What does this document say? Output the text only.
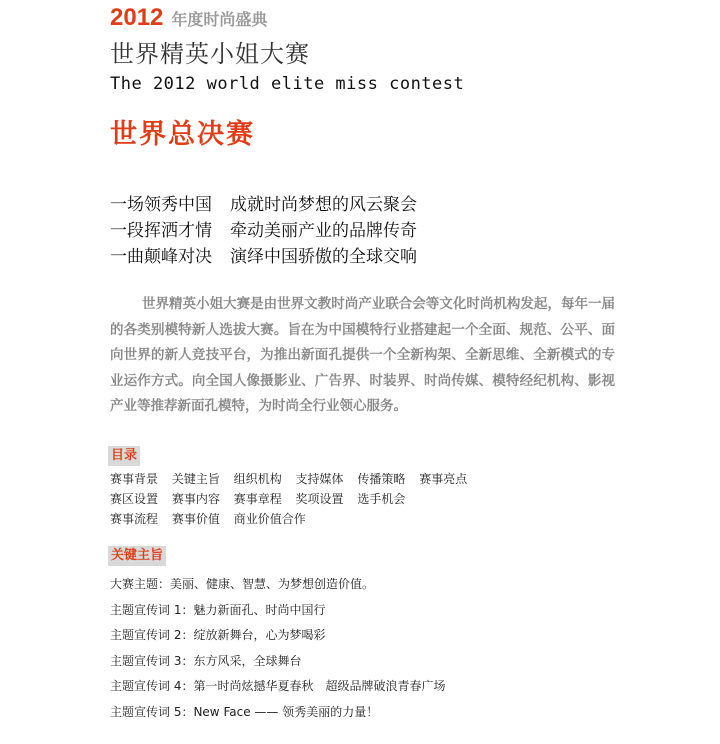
2012 年度时尚盛典
世界精英小姐大赛
The 2012 world elite miss contest
世界总决赛
一场领秀中国 成就时尚梦想的风云聚会
一段挥洒才情 牵动美丽产业的品牌传奇
一曲颠峰对决 演绎中国骄傲的全球交响
世界精英小姐大赛是由世界文教时尚产业联合会等文化时尚机构发起，每年一届的各类别模特新人选拔大赛。旨在为中国模特行业搭建起一个全面、规范、公平、面向世界的新人竞技平台，为推出新面孔提供一个全新构架、全新思维、全新模式的专业运作方式。向全国人像摄影业、广告界、时装界、时尚传媒、模特经纪机构、影视产业等推荐新面孔模特，为时尚全行业领心服务。
目录
赛事背景 关键主旨 组织机构 支持媒体 传播策略 赛事亮点
赛区设置 赛事内容 赛事章程 奖项设置 选手机会
赛事流程 赛事价值 商业价值合作
关键主旨
大赛主题：美丽、健康、智慧、为梦想创造价值。
主题宣传词 1：魅力新面孔、时尚中国行
主题宣传词 2：绽放新舞台，心为梦喝彩
主题宣传词 3：东方风采，全球舞台
主题宣传词 4：第一时尚炫撼华夏春秋　超级品牌破浪青春广场
主题宣传词 5：New Face —— 领秀美丽的力量！
